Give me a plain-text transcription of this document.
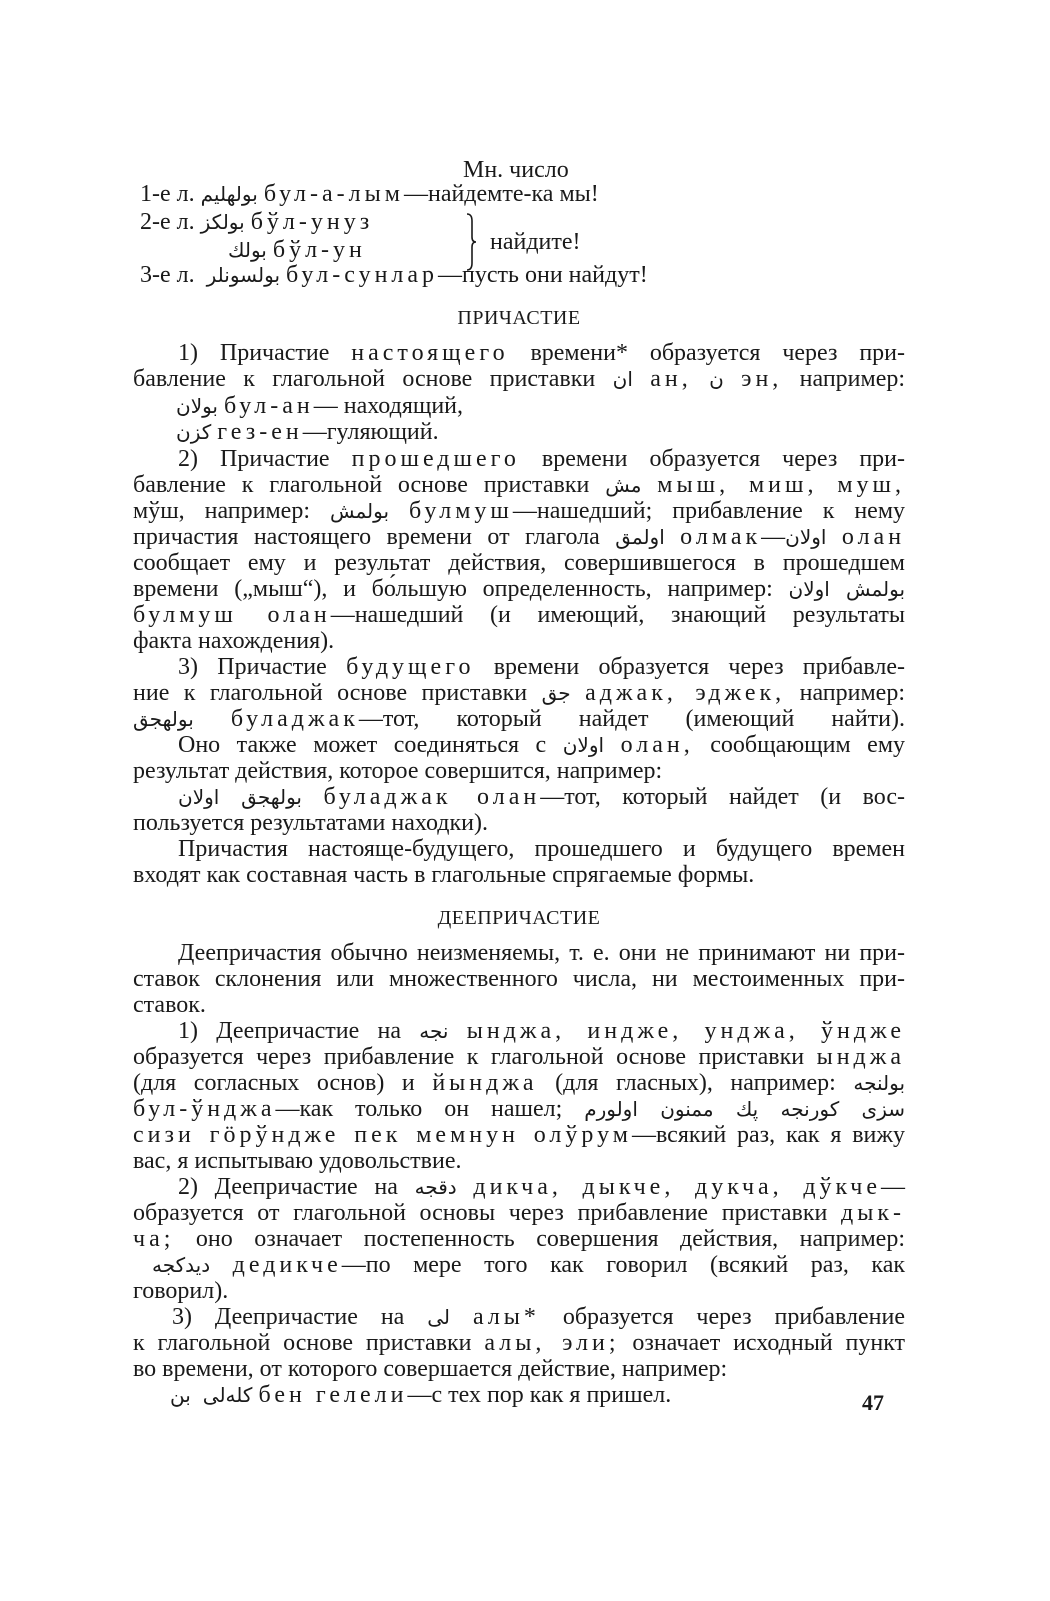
Мн. число
1-е л. بولهلیم бул-а-лым—найдемте-ка мы!
2-е л. بولکز бўл-унуз
بولك бўл-ун	найдите!
3-е л. بولسونلر бул-сунлар—пусть они найдут!
ПРИЧАСТИЕ
1) Причастие настоящего времени* образуется через при-
бавление к глагольной основе приставки ان ан, ن эн, например:
بولان бул-ан— находящий,
کزن гез-ен—гуляющий.
2) Причастие прошедшего времени образуется через при-
бавление к глагольной основе приставки مش мыш, миш, муш,
мўш, например: بولمش булмуш—нашедший; прибавление к нему
причастия настоящего времени от глагола اولمق олмак—اولان олан
сообщает ему и результат действия, совершившегося в прошедшем
времени („мыш“), и бо́льшую определенность, например: بولمش اولان
булмуш олан—нашедший (и имеющий, знающий результаты
факта нахождения).
3) Причастие будущего времени образуется через прибавле-
ние к глагольной основе приставки جق аджак, эджек, например:
بولهجق буладжак—тот, который найдет (имеющий найти).
Оно также может соединяться с اولان олан, сообщающим ему
результат действия, которое совершится, например:
بولهجق اولان буладжак олан—тот, который найдет (и вос-
пользуется результатами находки).
Причастия настояще-будущего, прошедшего и будущего времен
входят как составная часть в глагольные спрягаемые формы.
ДЕЕПРИЧАСТИЕ
Деепричастия обычно неизменяемы, т. е. они не принимают ни при-
ставок склонения или множественного числа, ни местоименных при-
ставок.
1) Деепричастие на نجه ынджа, индже, унджа, ўндже
образуется через прибавление к глагольной основе приставки ынджа
(для согласных основ) и йынджа (для гласных), например: بولنجه
бул-ўнджа—как только он нашел; سزی کورنجه پك ممنون اولورم
сизи гӧрўндже пек мемнун олўрум—всякий раз, как я вижу
вас, я испытываю удовольствие.
2) Деепричастие на دقجه дикча, дыкче, дукча, дўкче—
образуется от глагольной основы через прибавление приставки дык-
ча; оно означает постепенность совершения действия, например:
دیدکجه дедикче—по мере того как говорил (всякий раз, как
говорил).
3) Деепричастие на لی алы* образуется через прибавление
к глагольной основе приставки алы, эли; означает исходный пункт
во времени, от которого совершается действие, например:
کله‌لی  بن	бен гелели—с тех пор как я пришел.	47
